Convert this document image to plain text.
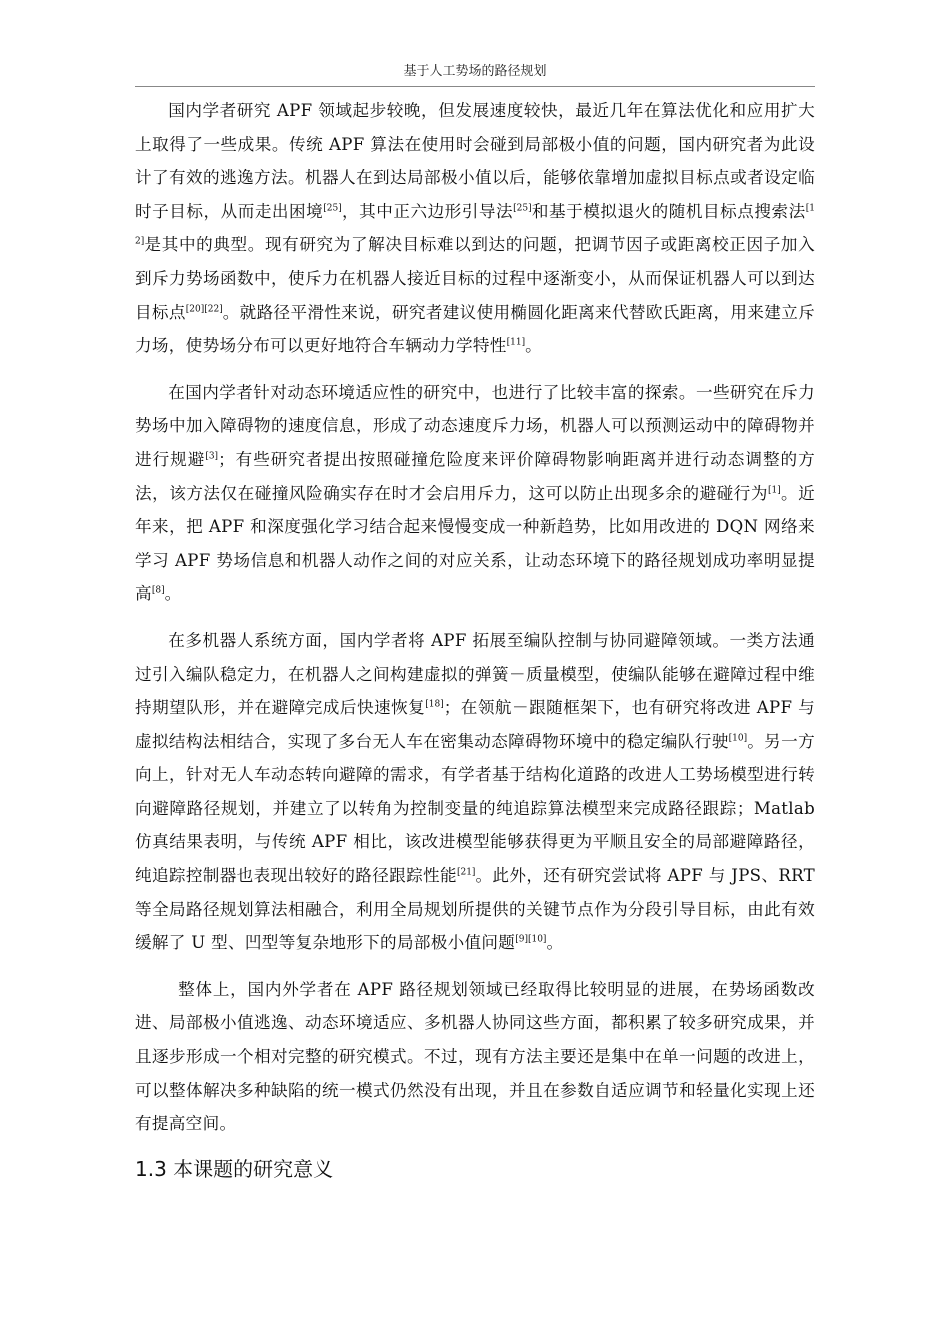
基于人工势场的路径规划

国内学者研究 APF 领域起步较晚，但发展速度较快，最近几年在算法优化和应用扩大上取得了一些成果。传统 APF 算法在使用时会碰到局部极小值的问题，国内研究者为此设计了有效的逃逸方法。机器人在到达局部极小值以后，能够依靠增加虚拟目标点或者设定临时子目标，从而走出困境[25]，其中正六边形引导法[25]和基于模拟退火的随机目标点搜索法[12]是其中的典型。现有研究为了解决目标难以到达的问题，把调节因子或距离校正因子加入到斥力势场函数中，使斥力在机器人接近目标的过程中逐渐变小，从而保证机器人可以到达目标点[20][22]。就路径平滑性来说，研究者建议使用椭圆化距离来代替欧氏距离，用来建立斥力场，使势场分布可以更好地符合车辆动力学特性[11]。

在国内学者针对动态环境适应性的研究中，也进行了比较丰富的探索。一些研究在斥力势场中加入障碍物的速度信息，形成了动态速度斥力场，机器人可以预测运动中的障碍物并进行规避[3]；有些研究者提出按照碰撞危险度来评价障碍物影响距离并进行动态调整的方法，该方法仅在碰撞风险确实存在时才会启用斥力，这可以防止出现多余的避碰行为[1]。近年来，把 APF 和深度强化学习结合起来慢慢变成一种新趋势，比如用改进的 DQN 网络来学习 APF 势场信息和机器人动作之间的对应关系，让动态环境下的路径规划成功率明显提高[8]。

在多机器人系统方面，国内学者将 APF 拓展至编队控制与协同避障领域。一类方法通过引入编队稳定力，在机器人之间构建虚拟的弹簧－质量模型，使编队能够在避障过程中维持期望队形，并在避障完成后快速恢复[18]；在领航－跟随框架下，也有研究将改进 APF 与虚拟结构法相结合，实现了多台无人车在密集动态障碍物环境中的稳定编队行驶[10]。另一方向上，针对无人车动态转向避障的需求，有学者基于结构化道路的改进人工势场模型进行转向避障路径规划，并建立了以转角为控制变量的纯追踪算法模型来完成路径跟踪；Matlab 仿真结果表明，与传统 APF 相比，该改进模型能够获得更为平顺且安全的局部避障路径，纯追踪控制器也表现出较好的路径跟踪性能[21]。此外，还有研究尝试将 APF 与 JPS、RRT 等全局路径规划算法相融合，利用全局规划所提供的关键节点作为分段引导目标，由此有效缓解了 U 型、凹型等复杂地形下的局部极小值问题[9][10]。

整体上，国内外学者在 APF 路径规划领域已经取得比较明显的进展，在势场函数改进、局部极小值逃逸、动态环境适应、多机器人协同这些方面，都积累了较多研究成果，并且逐步形成一个相对完整的研究模式。不过，现有方法主要还是集中在单一问题的改进上，可以整体解决多种缺陷的统一模式仍然没有出现，并且在参数自适应调节和轻量化实现上还有提高空间。

1.3 本课题的研究意义
